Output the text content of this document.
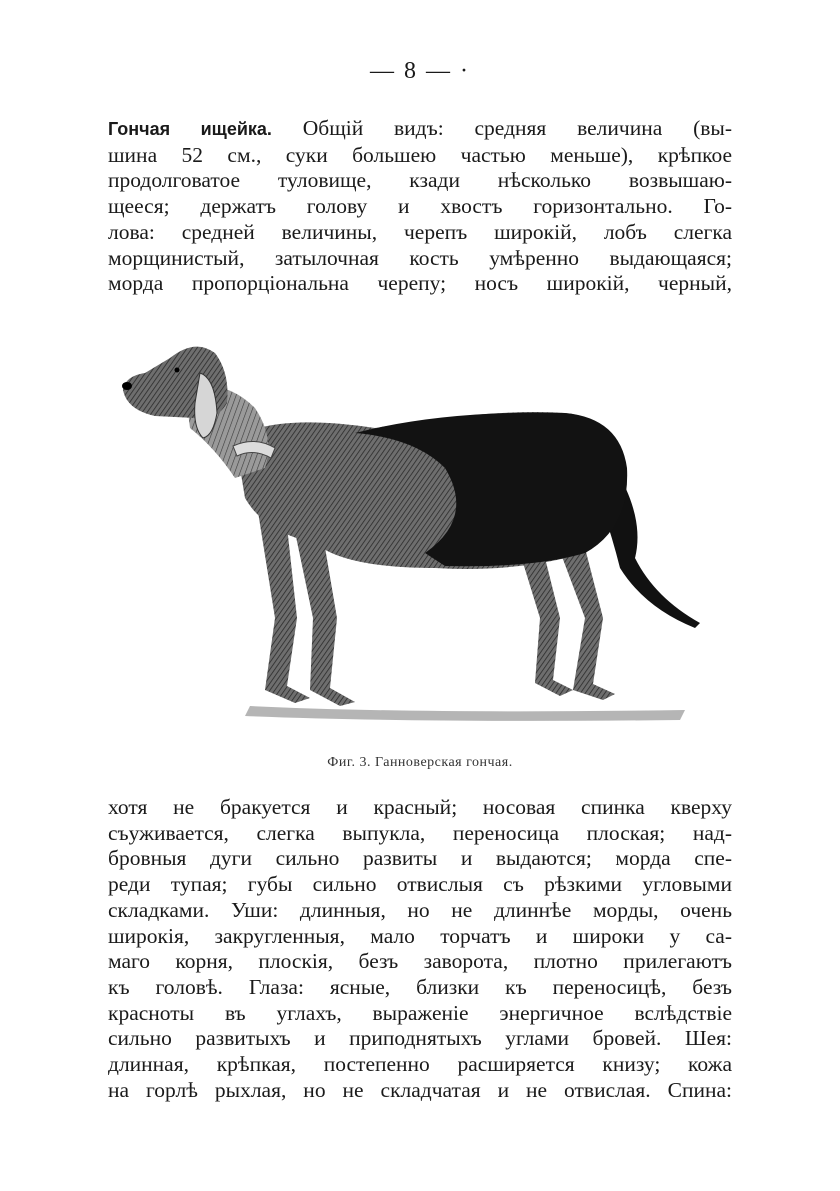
— 8 — ·
Гончая ищейка. Общій видъ: средняя величина (вы-
шина 52 см., суки большею частью меньше), крѣпкое
продолговатое туловище, кзади нѣсколько возвышаю-
щееся; держатъ голову и хвостъ горизонтально. Го-
лова: средней величины, черепъ широкій, лобъ слегка
морщинистый, затылочная кость умѣренно выдающаяся;
морда пропорціональна черепу; носъ широкій, черный,
Фиг. 3. Ганноверская гончая.
хотя не бракуется и красный; носовая спинка кверху
съуживается, слегка выпукла, переносица плоская; над-
бровныя дуги сильно развиты и выдаются; морда спе-
реди тупая; губы сильно отвислыя съ рѣзкими угловыми
складками. Уши: длинныя, но не длиннѣе морды, очень
широкія, закругленныя, мало торчатъ и широки у са-
маго корня, плоскія, безъ заворота, плотно прилегаютъ
къ головѣ. Глаза: ясные, близки къ переносицѣ, безъ
красноты въ углахъ, выраженіе энергичное вслѣдствіе
сильно развитыхъ и приподнятыхъ углами бровей. Шея:
длинная, крѣпкая, постепенно расширяется книзу; кожа
на горлѣ рыхлая, но не складчатая и не отвислая. Спина:
